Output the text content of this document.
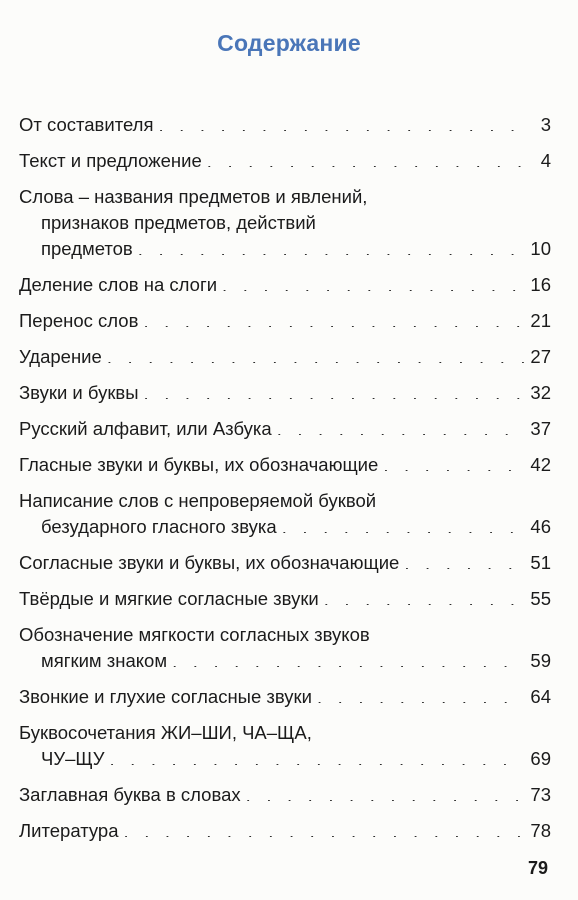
Содержание
От составителя . . .	3
Текст и предложение . . .	4
Слова – названия предметов и явлений,
признаков предметов, действий
предметов . . .	10
Деление слов на слоги . . .	16
Перенос слов . . .	21
Ударение . . .	27
Звуки и буквы . . .	32
Русский алфавит, или Азбука . . .	37
Гласные звуки и буквы, их обозначающие . . .	42
Написание слов с непроверяемой буквой
безударного гласного звука . . .	46
Согласные звуки и буквы, их обозначающие . . .	51
Твёрдые и мягкие согласные звуки . . .	55
Обозначение мягкости согласных звуков
мягким знаком . . .	59
Звонкие и глухие согласные звуки . . .	64
Буквосочетания ЖИ–ШИ, ЧА–ЩА,
ЧУ–ЩУ . . .	69
Заглавная буква в словах . . .	73
Литература . . .	78
79
